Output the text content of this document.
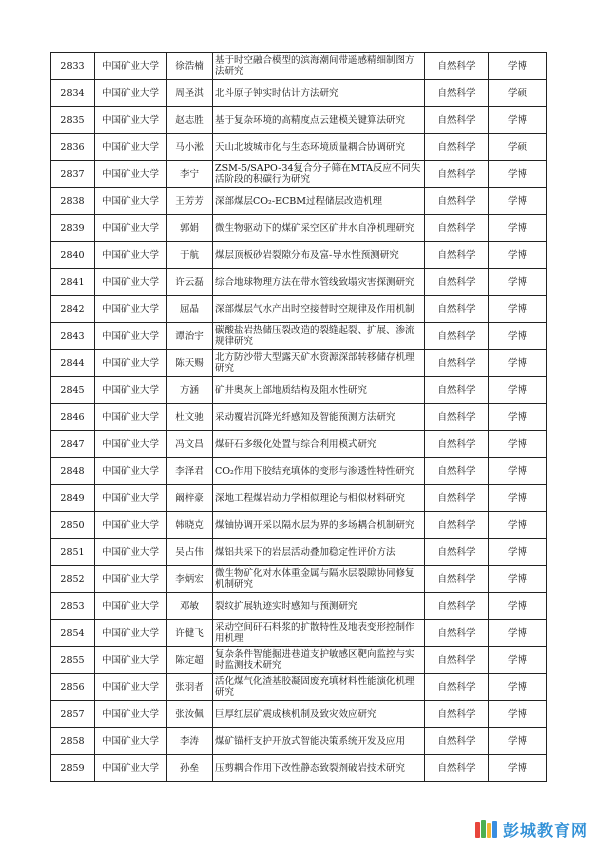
2833	中国矿业大学	徐浩楠	基于时空融合模型的滨海潮间带遥感精细制图方法研究	自然科学	学博
2834	中国矿业大学	周圣淇	北斗原子钟实时估计方法研究	自然科学	学硕
2835	中国矿业大学	赵志胜	基于复杂环境的高精度点云建模关键算法研究	自然科学	学博
2836	中国矿业大学	马小淞	天山北坡城市化与生态环境质量耦合协调研究	自然科学	学硕
2837	中国矿业大学	李宁	ZSM-5/SAPO-34复合分子筛在MTA反应不同失活阶段的积碳行为研究	自然科学	学博
2838	中国矿业大学	王芳芳	深部煤层CO₂-ECBM过程储层改造机理	自然科学	学博
2839	中国矿业大学	郭娟	微生物驱动下的煤矿采空区矿井水自净机理研究	自然科学	学博
2840	中国矿业大学	于航	煤层顶板砂岩裂隙分布及富-导水性预测研究	自然科学	学博
2841	中国矿业大学	许云磊	综合地球物理方法在带水管线致塌灾害探测研究	自然科学	学博
2842	中国矿业大学	屈晶	深部煤层气水产出时空接替时空规律及作用机制	自然科学	学博
2843	中国矿业大学	谭治宇	碳酸盐岩热储压裂改造的裂缝起裂、扩展、渗流规律研究	自然科学	学博
2844	中国矿业大学	陈天赐	北方防沙带大型露天矿水资源深部转移储存机理研究	自然科学	学博
2845	中国矿业大学	方涵	矿井奥灰上部地质结构及阻水性研究	自然科学	学博
2846	中国矿业大学	杜文驰	采动覆岩沉降光纤感知及智能预测方法研究	自然科学	学博
2847	中国矿业大学	冯文昌	煤矸石多级化处置与综合利用模式研究	自然科学	学博
2848	中国矿业大学	李泽君	CO₂作用下胶结充填体的变形与渗透性特性研究	自然科学	学博
2849	中国矿业大学	阚梓豪	深地工程煤岩动力学相似理论与相似材料研究	自然科学	学博
2850	中国矿业大学	韩晓克	煤铀协调开采以隔水层为界的多场耦合机制研究	自然科学	学博
2851	中国矿业大学	吴占伟	煤铝共采下的岩层活动叠加稳定性评价方法	自然科学	学博
2852	中国矿业大学	李炳宏	微生物矿化对水体重金属与隔水层裂隙协同修复机制研究	自然科学	学博
2853	中国矿业大学	邓敏	裂纹扩展轨迹实时感知与预测研究	自然科学	学博
2854	中国矿业大学	许健飞	采动空间矸石料浆的扩散特性及地表变形控制作用机理	自然科学	学博
2855	中国矿业大学	陈定超	复杂条件智能掘进巷道支护敏感区靶向监控与实时监测技术研究	自然科学	学博
2856	中国矿业大学	张羽者	活化煤气化渣基胶凝固废充填材料性能演化机理研究	自然科学	学博
2857	中国矿业大学	张汝佩	巨厚红层矿震成核机制及致灾效应研究	自然科学	学博
2858	中国矿业大学	李涛	煤矿锚杆支护开放式智能决策系统开发及应用	自然科学	学博
2859	中国矿业大学	孙垒	压剪耦合作用下改性静态致裂剂破岩技术研究	自然科学	学博
彭城教育网
